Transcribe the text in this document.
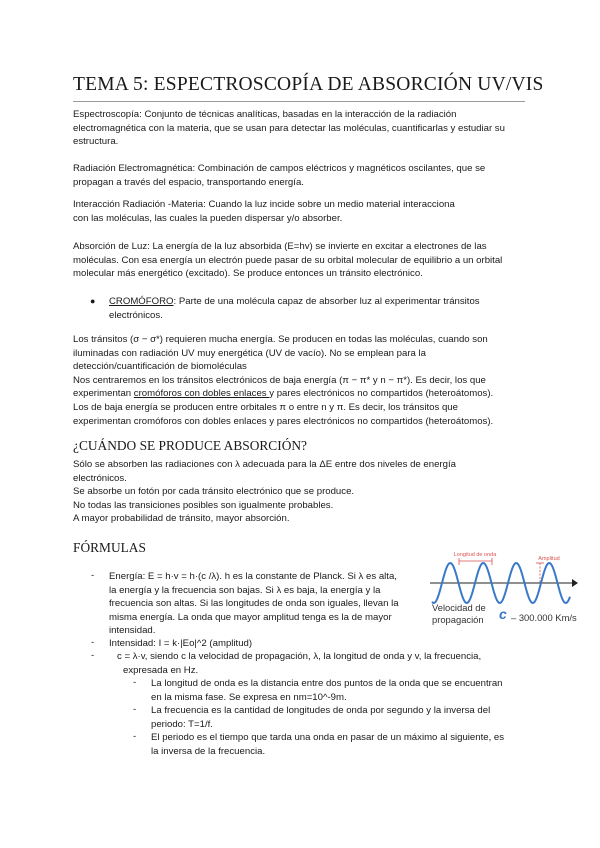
TEMA 5: ESPECTROSCOPÍA DE ABSORCIÓN UV/VIS
Espectroscopía: Conjunto de técnicas analíticas, basadas en la interacción de la radiación
electromagnética con la materia, que se usan para detectar las moléculas, cuantificarlas y estudiar su
estructura.
Radiación Electromagnética: Combinación de campos eléctricos y magnéticos oscilantes, que se
propagan a través del espacio, transportando energía.
Interacción Radiación -Materia: Cuando la luz incide sobre un medio material interacciona
con las moléculas, las cuales la pueden dispersar y/o absorber.
Absorción de Luz: La energía de la luz absorbida (E=hv) se invierte en excitar a electrones de las
moléculas. Con esa energía un electrón puede pasar de su orbital molecular de equilibrio a un orbital
molecular más energético (excitado). Se produce entonces un tránsito electrónico.
● CROMÓFORO: Parte de una molécula capaz de absorber luz al experimentar tránsitos
electrónicos.
Los tránsitos (σ − σ*) requieren mucha energía. Se producen en todas las moléculas, cuando son
iluminadas con radiación UV muy energética (UV de vacío). No se emplean para la
detección/cuantificación de biomoléculas
Nos centraremos en los tránsitos electrónicos de baja energía (π − π* y n − π*). Es decir, los que
experimentan cromóforos con dobles enlaces y pares electrónicos no compartidos (heteroátomos).
Los de baja energía se producen entre orbitales π o entre n y π. Es decir, los tránsitos que
experimentan cromóforos con dobles enlaces y pares electrónicos no compartidos (heteroátomos).
¿CUÁNDO SE PRODUCE ABSORCIÓN?
Sólo se absorben las radiaciones con λ adecuada para la ΔE entre dos niveles de energía
electrónicos.
Se absorbe un fotón por cada tránsito electrónico que se produce.
No todas las transiciones posibles son igualmente probables.
A mayor probabilidad de tránsito, mayor absorción.
FÓRMULAS
- Energía: E = h·v = h·(c /λ). h es la constante de Planck. Si λ es alta,
la energía y la frecuencia son bajas. Si λ es baja, la energía y la
frecuencia son altas. Si las longitudes de onda son iguales, llevan la
misma energía. La onda que mayor amplitud tenga es la de mayor
intensidad.
- Intensidad: I = k·|Eo|^2 (amplitud)
- c = λ·v, siendo c la velocidad de propagación, λ, la longitud de onda y v, la frecuencia,
expresada en Hz.
- La longitud de onda es la distancia entre dos puntos de la onda que se encuentran
en la misma fase. Se expresa en nm=10^-9m.
- La frecuencia es la cantidad de longitudes de onda por segundo y la inversa del
periodo: T=1/f.
- El periodo es el tiempo que tarda una onda en pasar de un máximo al siguiente, es
la inversa de la frecuencia.
Longitud de onda
Amplitud
Velocidad de
propagación c – 300.000 Km/s
